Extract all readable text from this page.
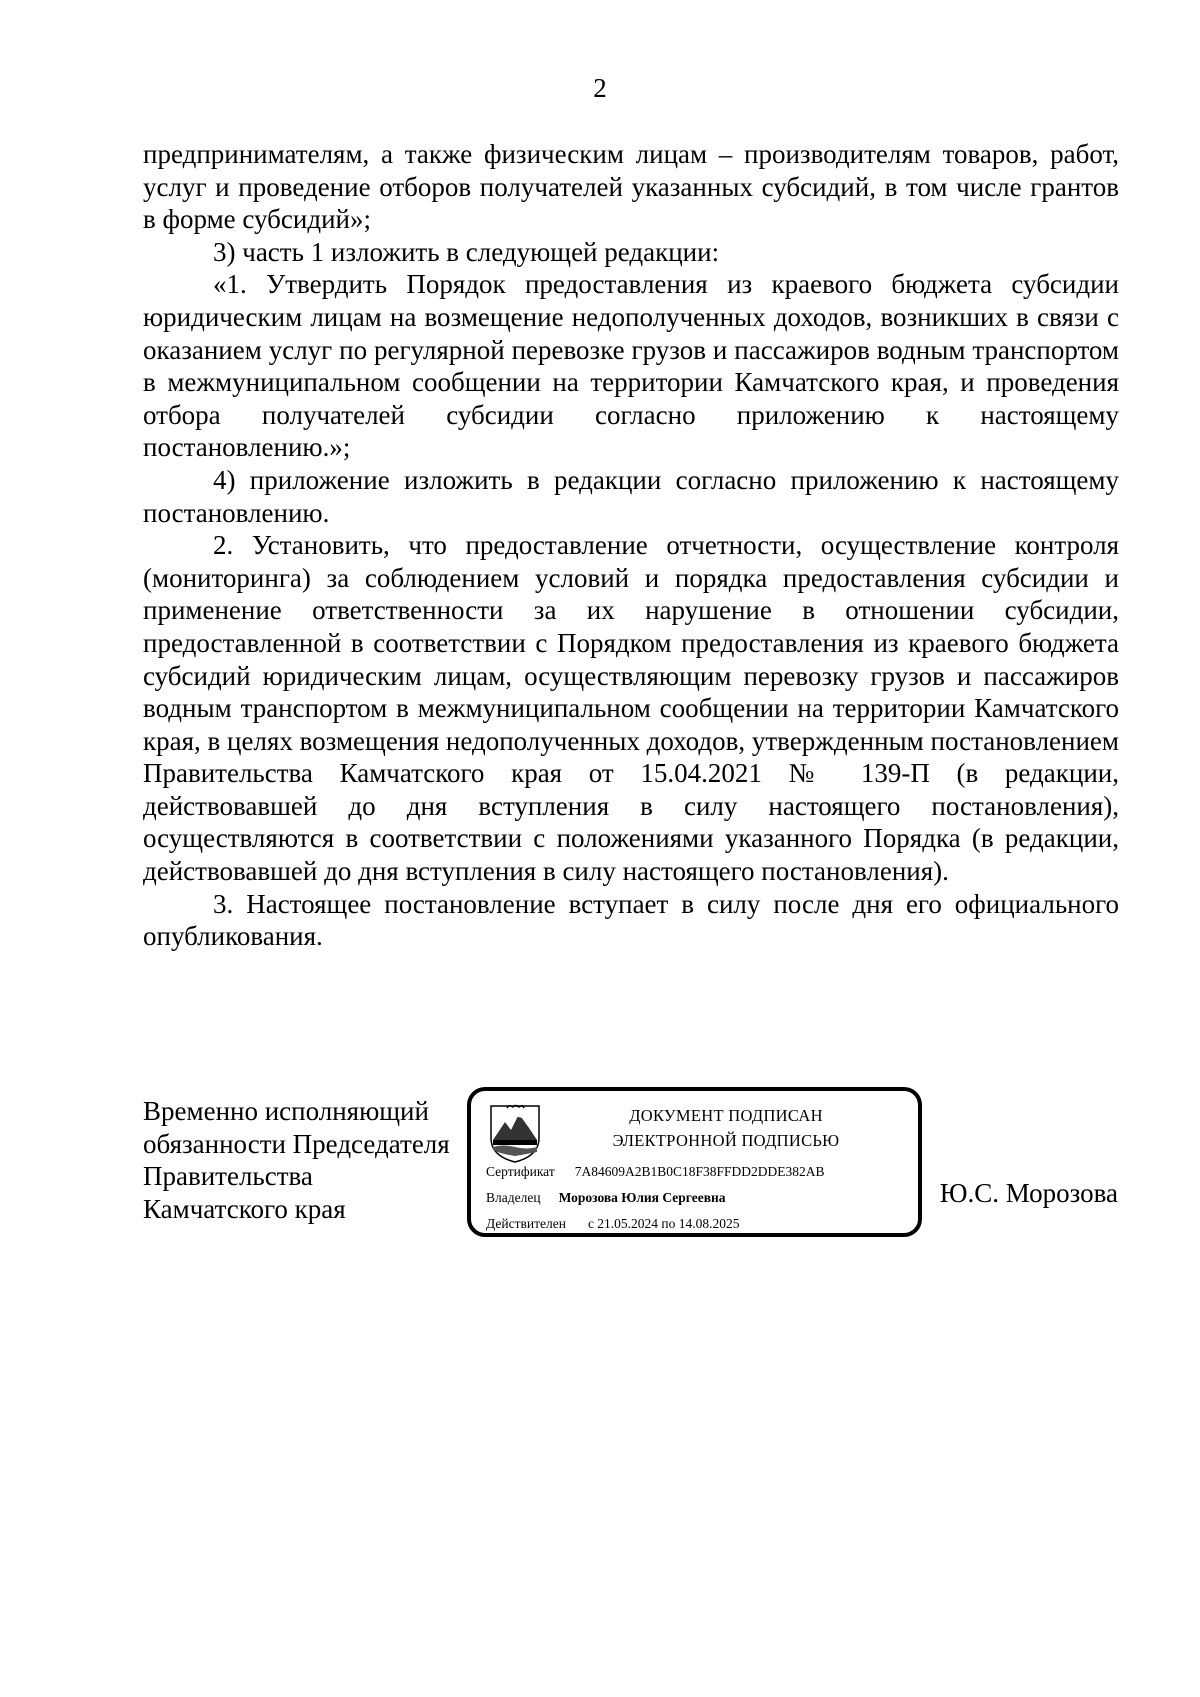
2

предпринимателям, а также физическим лицам – производителям товаров, работ, услуг и проведение отборов получателей указанных субсидий, в том числе грантов в форме субсидий»;

3) часть 1 изложить в следующей редакции:

«1. Утвердить Порядок предоставления из краевого бюджета субсидии юридическим лицам на возмещение недополученных доходов, возникших в связи с оказанием услуг по регулярной перевозке грузов и пассажиров водным транспортом в межмуниципальном сообщении на территории Камчатского края, и проведения отбора получателей субсидии согласно приложению к настоящему постановлению.»;

4) приложение изложить в редакции согласно приложению к настоящему постановлению.

2. Установить, что предоставление отчетности, осуществление контроля (мониторинга) за соблюдением условий и порядка предоставления субсидии и применение ответственности за их нарушение в отношении субсидии, предоставленной в соответствии с Порядком предоставления из краевого бюджета субсидий юридическим лицам, осуществляющим перевозку грузов и пассажиров водным транспортом в межмуниципальном сообщении на территории Камчатского края, в целях возмещения недополученных доходов, утвержденным постановлением Правительства Камчатского края от 15.04.2021 № 139-П (в редакции, действовавшей до дня вступления в силу настоящего постановления), осуществляются в соответствии с положениями указанного Порядка (в редакции, действовавшей до дня вступления в силу настоящего постановления).

3. Настоящее постановление вступает в силу после дня его официального опубликования.

Временно исполняющий
обязанности Председателя
Правительства
Камчатского края
ДОКУМЕНТ ПОДПИСАН
ЭЛЕКТРОННОЙ ПОДПИСЬЮ
Сертификат 7A84609A2B1B0C18F38FFDD2DDE382AB
Владелец Морозова Юлия Сергеевна
Действителен с 21.05.2024 по 14.08.2025
Ю.С. Морозова
